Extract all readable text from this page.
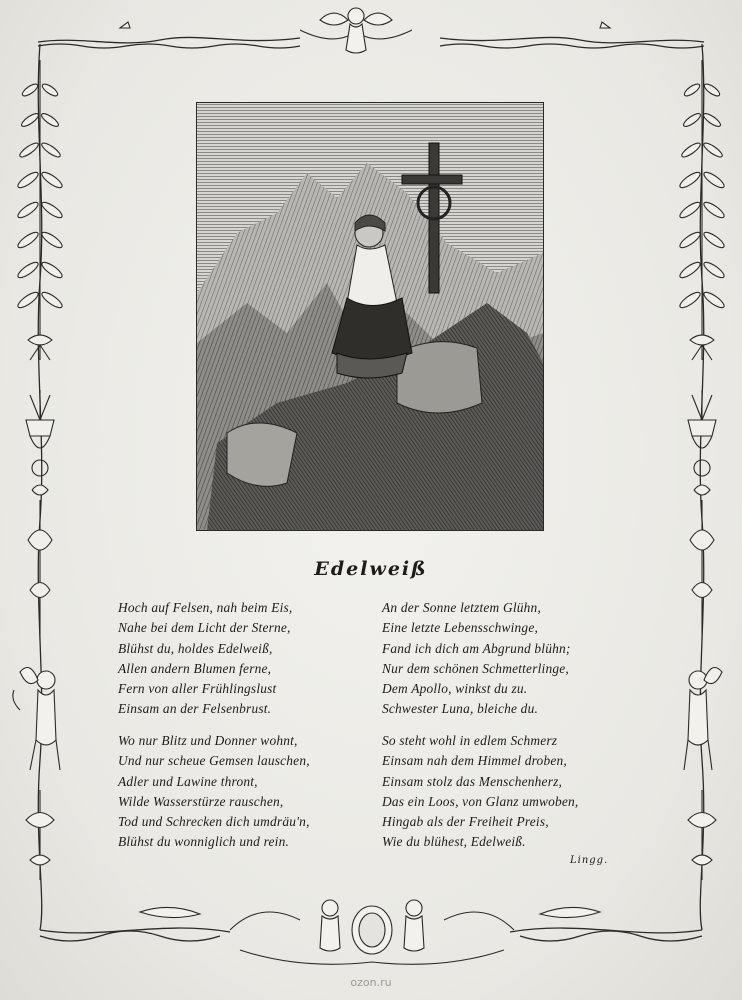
Edelweiß
Hoch auf Felsen, nah beim Eis,
Nahe bei dem Licht der Sterne,
Blühst du, holdes Edelweiß,
Allen andern Blumen ferne,
Fern von aller Frühlingslust
Einsam an der Felsenbrust.
Wo nur Blitz und Donner wohnt,
Und nur scheue Gemsen lauschen,
Adler und Lawine thront,
Wilde Wasserstürze rauschen,
Tod und Schrecken dich umdräu'n,
Blühst du wonniglich und rein.
An der Sonne letztem Glühn,
Eine letzte Lebensschwinge,
Fand ich dich am Abgrund blühn;
Nur dem schönen Schmetterlinge,
Dem Apollo, winkst du zu.
Schwester Luna, bleiche du.
So steht wohl in edlem Schmerz
Einsam nah dem Himmel droben,
Einsam stolz das Menschenherz,
Das ein Loos, von Glanz umwoben,
Hingab als der Freiheit Preis,
Wie du blühest, Edelweiß.
Lingg.
ozon.ru
